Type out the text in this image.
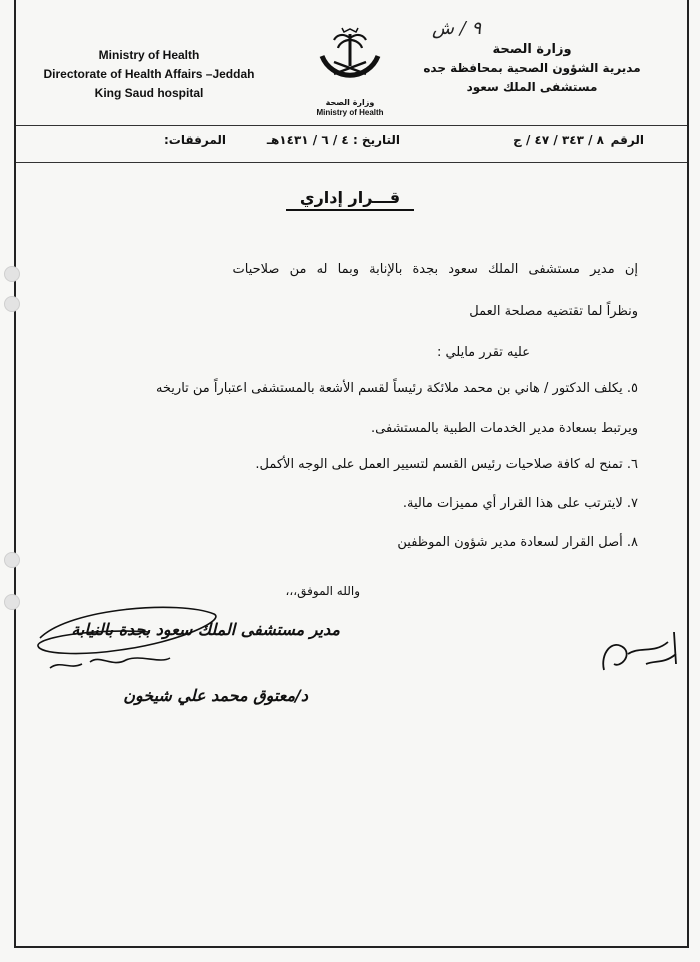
Ministry of Health
Directorate of Health Affairs –Jeddah
King Saud hospital
٩ / ش
وزارة الصحة
مديرية الشؤون الصحية بمحافظة جده
مستشفى الملك سعود
وزارة الصحة
Ministry of Health
الرقم
٨ / ٣٤٣ / ٤٧ / ج
التاريخ : ٤ / ٦ / ١٤٣١هـ
المرفقات:
قـــرار إداري
إن مدير مستشفى الملك سعود بجدة بالإنابة وبما له من صلاحيات
ونظراً لما تقتضيه مصلحة العمل
عليه تقرر مايلي :
٥. يكلف الدكتور / هاني بن محمد ملائكة رئيساً لقسم الأشعة بالمستشفى اعتباراً من تاريخه
ويرتبط بسعادة مدير الخدمات الطبية بالمستشفى.
٦. تمنح له كافة صلاحيات رئيس القسم لتسيير العمل على الوجه الأكمل.
٧. لايترتب على هذا القرار أي مميزات مالية.
٨. أصل القرار لسعادة مدير شؤون الموظفين
والله الموفق،،،
مدير مستشفى الملك سعود بجدة بالنيابة
د/معتوق محمد علي شيخون
